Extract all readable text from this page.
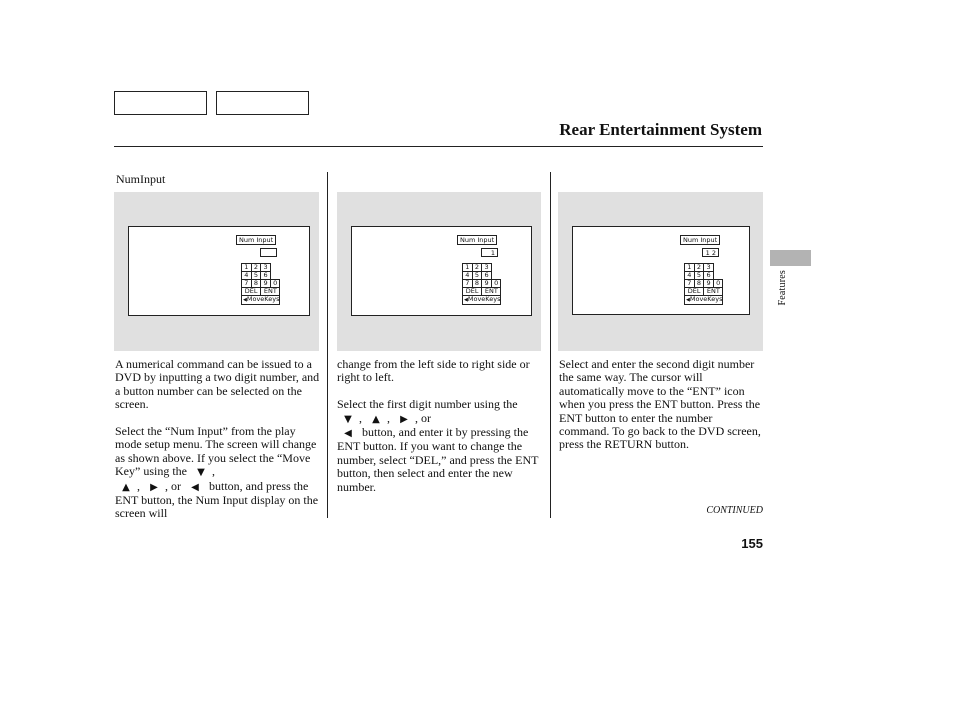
Rear Entertainment System
Features
NumInput
Num Input
1	2	3	
4	5	6	
7	8	9	0
DEL		ENT	
◀MoveKeys			
Num Input
1
1	2	3	
4	5	6	
7	8	9	0
DEL		ENT	
◀MoveKeys			
Num Input
1 2
1	2	3	
4	5	6	
7	8	9	0
DEL		ENT	
◀MoveKeys			

A numerical command can be issued to a DVD by inputting a two digit number, and a button number can be selected on the screen.

Select the “Num Input” from the play mode setup menu. The screen will change as shown above. If you select the “Move Key” using the ▼ ,
▲ , ▶ , or ◀ button, and press the ENT button, the Num Input display on the screen will

change from the left side to right side or right to left.

Select the first digit number using the ▼ , ▲ , ▶ , or
◀ button, and enter it by pressing the ENT button. If you want to change the number, select “DEL,” and press the ENT button, then select and enter the new number.

Select and enter the second digit number the same way. The cursor will automatically move to the “ENT” icon when you press the ENT button. Press the ENT button to enter the number command. To go back to the DVD screen, press the RETURN button.

CONTINUED
155
